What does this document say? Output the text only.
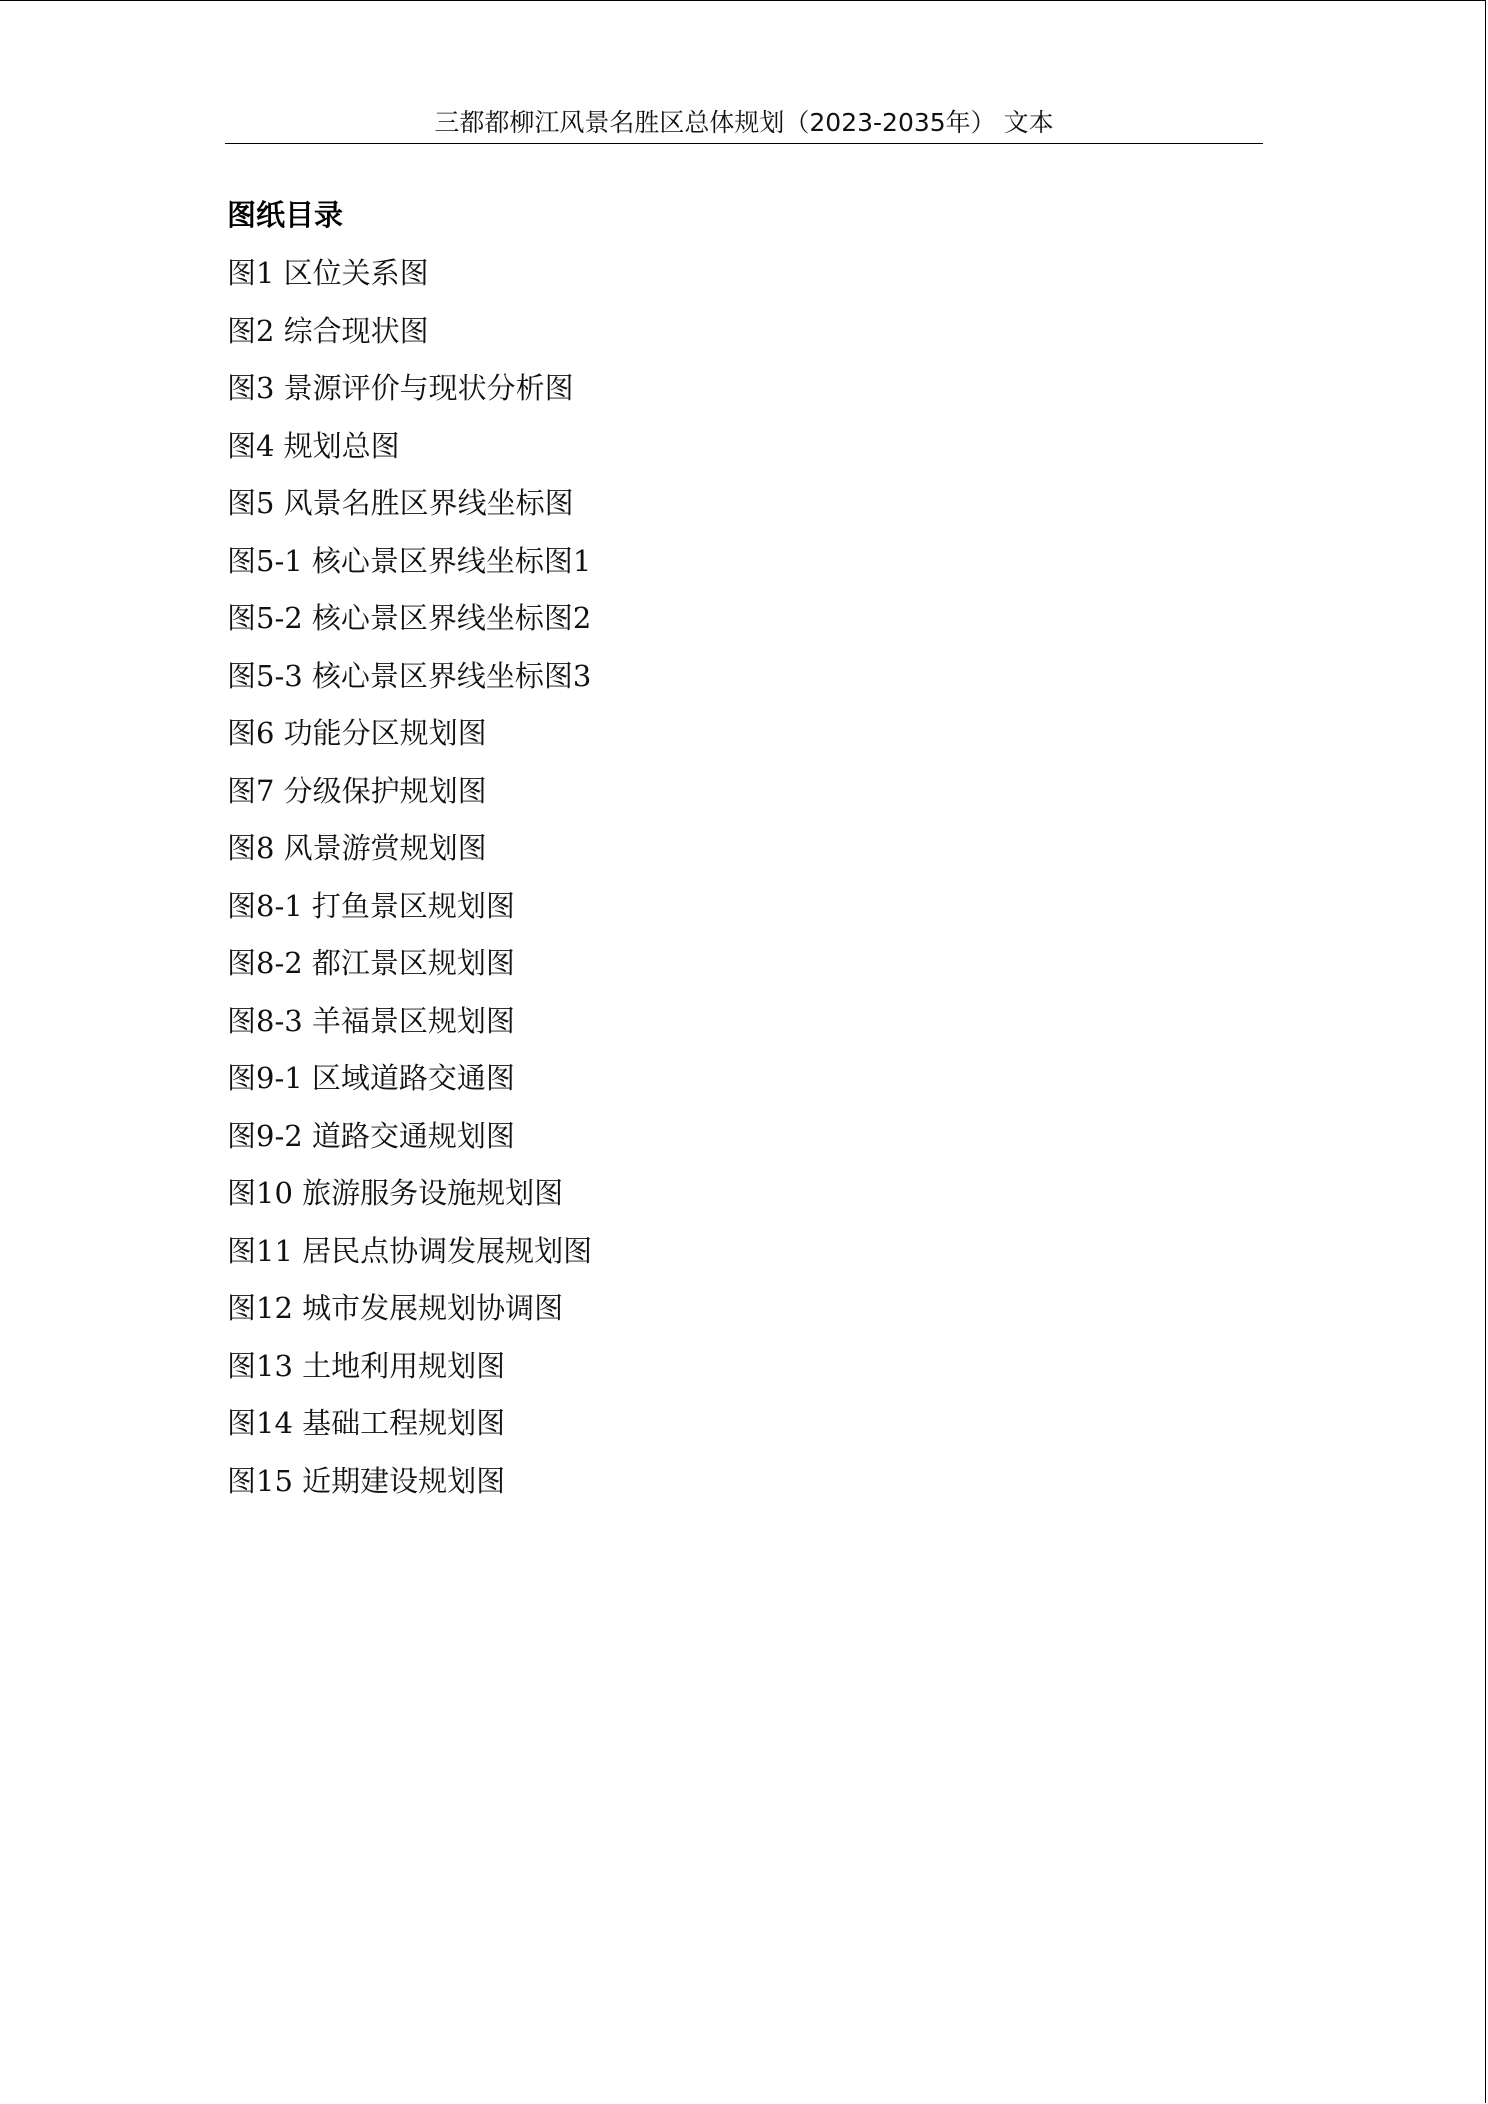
三都都柳江风景名胜区总体规划（2023-2035年） 文本
图纸目录
图1 区位关系图
图2 综合现状图
图3 景源评价与现状分析图
图4 规划总图
图5 风景名胜区界线坐标图
图5-1 核心景区界线坐标图1
图5-2 核心景区界线坐标图2
图5-3 核心景区界线坐标图3
图6 功能分区规划图
图7 分级保护规划图
图8 风景游赏规划图
图8-1 打鱼景区规划图
图8-2 都江景区规划图
图8-3 羊福景区规划图
图9-1 区域道路交通图
图9-2 道路交通规划图
图10 旅游服务设施规划图
图11 居民点协调发展规划图
图12 城市发展规划协调图
图13 土地利用规划图
图14 基础工程规划图
图15 近期建设规划图
